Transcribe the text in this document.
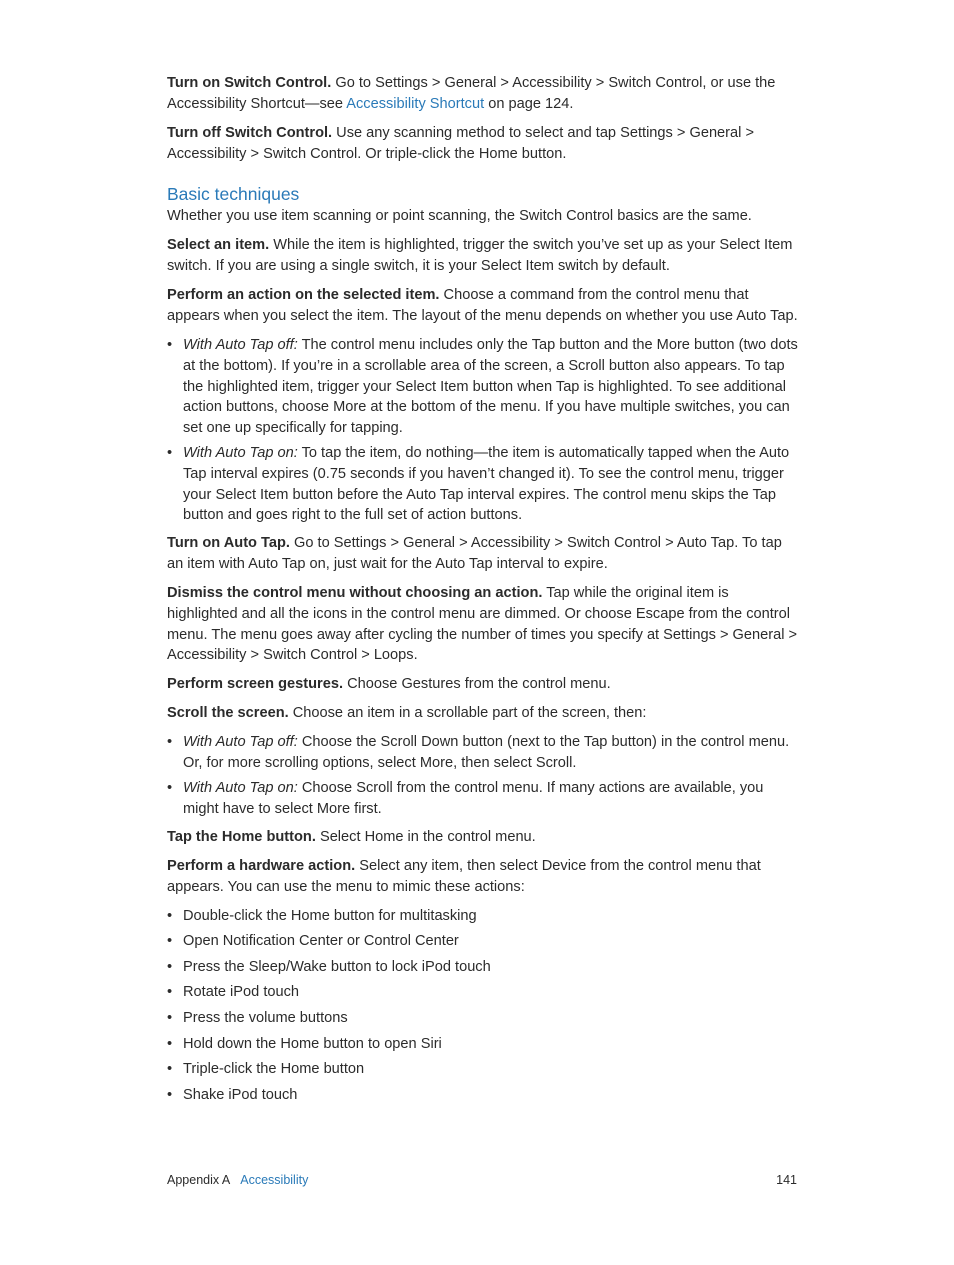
Turn on Switch Control. Go to Settings > General > Accessibility > Switch Control, or use the Accessibility Shortcut—see Accessibility Shortcut on page 124.

Turn off Switch Control. Use any scanning method to select and tap Settings > General > Accessibility > Switch Control. Or triple-click the Home button.

Basic techniques

Whether you use item scanning or point scanning, the Switch Control basics are the same.

Select an item. While the item is highlighted, trigger the switch you’ve set up as your Select Item switch. If you are using a single switch, it is your Select Item switch by default.

Perform an action on the selected item. Choose a command from the control menu that appears when you select the item. The layout of the menu depends on whether you use Auto Tap.

• With Auto Tap off: The control menu includes only the Tap button and the More button (two dots at the bottom). If you’re in a scrollable area of the screen, a Scroll button also appears. To tap the highlighted item, trigger your Select Item button when Tap is highlighted. To see additional action buttons, choose More at the bottom of the menu. If you have multiple switches, you can set one up specifically for tapping.
• With Auto Tap on: To tap the item, do nothing—the item is automatically tapped when the Auto Tap interval expires (0.75 seconds if you haven’t changed it). To see the control menu, trigger your Select Item button before the Auto Tap interval expires. The control menu skips the Tap button and goes right to the full set of action buttons.

Turn on Auto Tap. Go to Settings > General > Accessibility > Switch Control > Auto Tap. To tap an item with Auto Tap on, just wait for the Auto Tap interval to expire.

Dismiss the control menu without choosing an action. Tap while the original item is highlighted and all the icons in the control menu are dimmed. Or choose Escape from the control menu. The menu goes away after cycling the number of times you specify at Settings > General > Accessibility > Switch Control > Loops.

Perform screen gestures. Choose Gestures from the control menu.

Scroll the screen. Choose an item in a scrollable part of the screen, then:

• With Auto Tap off: Choose the Scroll Down button (next to the Tap button) in the control menu. Or, for more scrolling options, select More, then select Scroll.
• With Auto Tap on: Choose Scroll from the control menu. If many actions are available, you might have to select More first.

Tap the Home button. Select Home in the control menu.

Perform a hardware action. Select any item, then select Device from the control menu that appears. You can use the menu to mimic these actions:

• Double-click the Home button for multitasking
• Open Notification Center or Control Center
• Press the Sleep/Wake button to lock iPod touch
• Rotate iPod touch
• Press the volume buttons
• Hold down the Home button to open Siri
• Triple-click the Home button
• Shake iPod touch
Appendix A Accessibility	141
